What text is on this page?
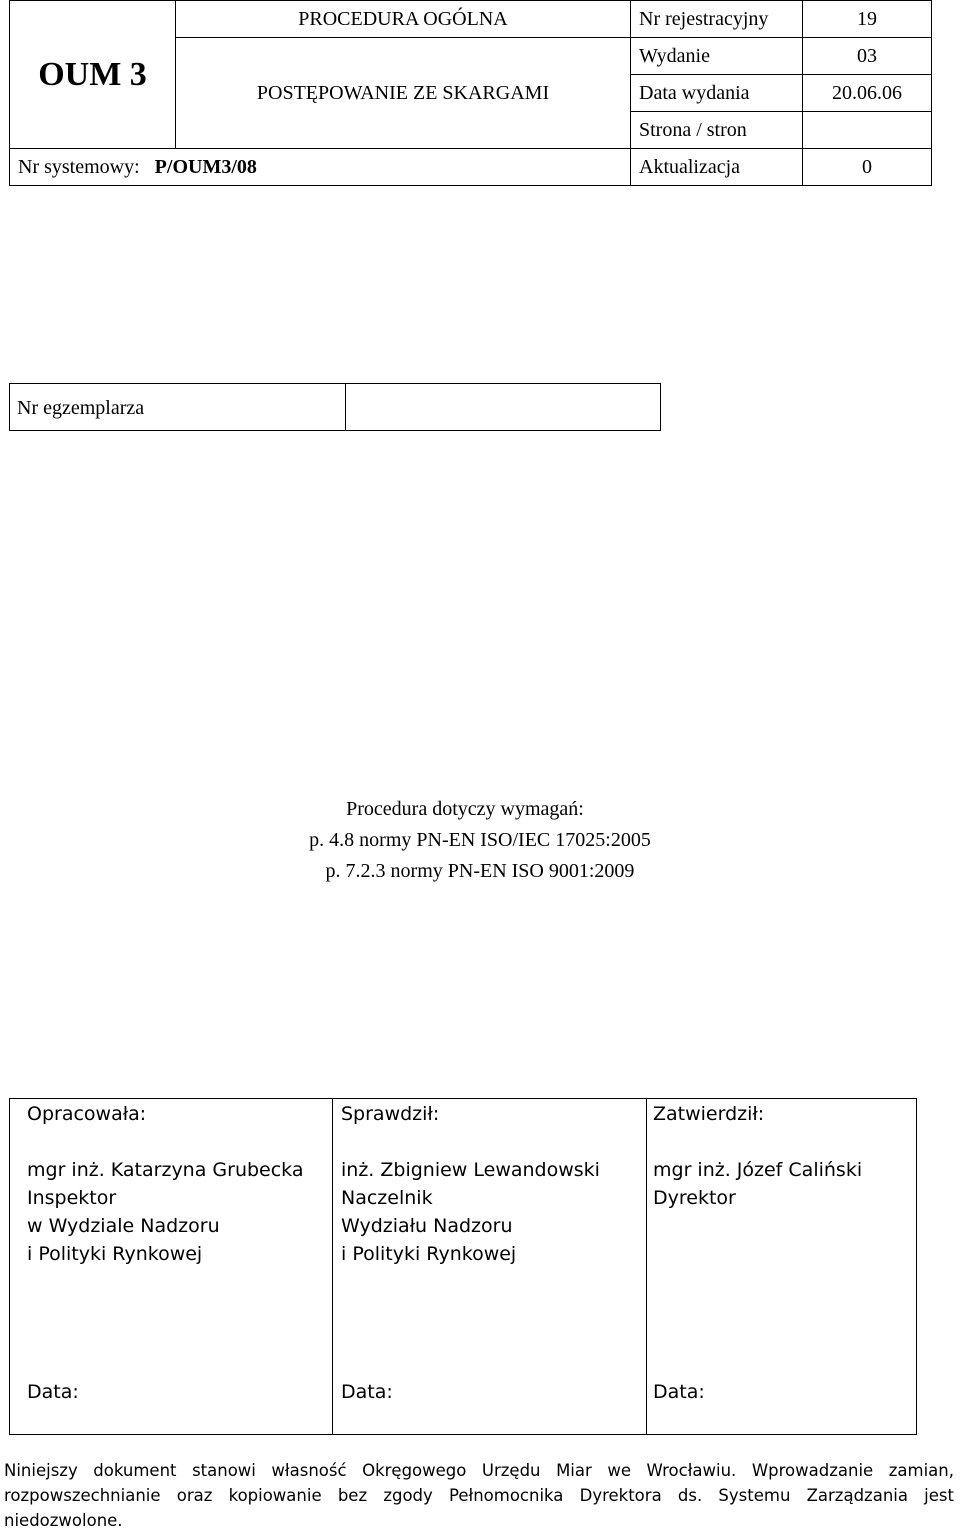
OUM 3	PROCEDURA OGÓLNA	Nr rejestracyjny	19
	POSTĘPOWANIE ZE SKARGAMI	Wydanie	03
		Data wydania	20.06.06
		Strona / stron	
Nr systemowy: P/OUM3/08		Aktualizacja	0
Nr egzemplarza
Procedura dotyczy wymagań:
p. 4.8 normy PN-EN ISO/IEC 17025:2005
p. 7.2.3 normy PN-EN ISO 9001:2009
Opracowała:
mgr inż. Katarzyna Grubecka
Inspektor
w Wydziale Nadzoru
i Polityki Rynkowej
Data:
Sprawdził:
inż. Zbigniew Lewandowski
Naczelnik
Wydziału Nadzoru
i Polityki Rynkowej
Data:
Zatwierdził:
mgr inż. Józef Caliński
Dyrektor
Data:
Niniejszy dokument stanowi własność Okręgowego Urzędu Miar we Wrocławiu. Wprowadzanie zamian, rozpowszechnianie oraz kopiowanie bez zgody Pełnomocnika Dyrektora ds. Systemu Zarządzania jest niedozwolone.
